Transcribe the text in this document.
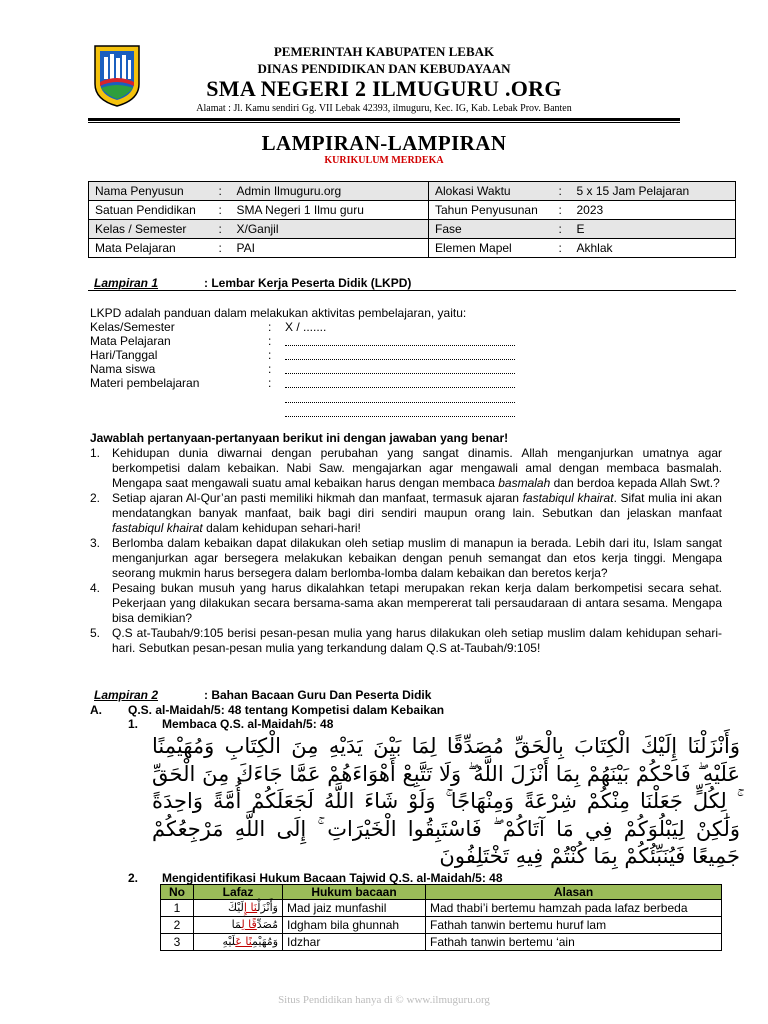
PEMERINTAH KABUPATEN LEBAK
DINAS PENDIDIKAN DAN KEBUDAYAAN
SMA NEGERI 2 ILMUGURU .ORG
Alamat : Jl. Kamu sendiri Gg. VII Lebak 42393, ilmuguru, Kec. IG, Kab. Lebak Prov. Banten
LAMPIRAN-LAMPIRAN
KURIKULUM MERDEKA
Nama Penyusun	:	Admin Ilmuguru.org	Alokasi Waktu	:	5 x 15 Jam Pelajaran
Satuan Pendidikan	:	SMA Negeri 1 Ilmu guru	Tahun Penyusunan	:	2023
Kelas / Semester	:	X/Ganjil	Fase	:	E
Mata Pelajaran	:	PAI	Elemen Mapel	:	Akhlak
Lampiran 1	: Lembar Kerja Peserta Didik (LKPD)
LKPD adalah panduan dalam melakukan aktivitas pembelajaran, yaitu:
Kelas/Semester	: X / .......
Mata Pelajaran	:
Hari/Tanggal	:
Nama siswa	:
Materi pembelajaran	:
Jawablah pertanyaan-pertanyaan berikut ini dengan jawaban yang benar!
1. Kehidupan dunia diwarnai dengan perubahan yang sangat dinamis. Allah menganjurkan umatnya agar berkompetisi dalam kebaikan. Nabi Saw. mengajarkan agar mengawali amal dengan membaca basmalah. Mengapa saat mengawali suatu amal kebaikan harus dengan membaca basmalah dan berdoa kepada Allah Swt.?
2. Setiap ajaran Al-Qur’an pasti memiliki hikmah dan manfaat, termasuk ajaran fastabiqul khairat. Sifat mulia ini akan mendatangkan banyak manfaat, baik bagi diri sendiri maupun orang lain. Sebutkan dan jelaskan manfaat fastabiqul khairat dalam kehidupan sehari-hari!
3. Berlomba dalam kebaikan dapat dilakukan oleh setiap muslim di manapun ia berada. Lebih dari itu, Islam sangat menganjurkan agar bersegera melakukan kebaikan dengan penuh semangat dan etos kerja tinggi. Mengapa seorang mukmin harus bersegera dalam berlomba-lomba dalam kebaikan dan beretos kerja?
4. Pesaing bukan musuh yang harus dikalahkan tetapi merupakan rekan kerja dalam berkompetisi secara sehat. Pekerjaan yang dilakukan secara bersama-sama akan mempererat tali persaudaraan di antara sesama. Mengapa bisa demikian?
5. Q.S at-Taubah/9:105 berisi pesan-pesan mulia yang harus dilakukan oleh setiap muslim dalam kehidupan sehari-hari. Sebutkan pesan-pesan mulia yang terkandung dalam Q.S at-Taubah/9:105!
Lampiran 2	: Bahan Bacaan Guru Dan Peserta Didik
A. Q.S. al-Maidah/5: 48 tentang Kompetisi dalam Kebaikan
1. Membaca Q.S. al-Maidah/5: 48
وَأَنْزَلْنَا إِلَيْكَ الْكِتَابَ بِالْحَقِّ مُصَدِّقًا لِمَا بَيْنَ يَدَيْهِ مِنَ الْكِتَابِ وَمُهَيْمِنًا عَلَيْهِ ۖ فَاحْكُمْ بَيْنَهُمْ بِمَا أَنْزَلَ اللَّهُ ۖ وَلَا تَتَّبِعْ أَهْوَاءَهُمْ عَمَّا جَاءَكَ مِنَ الْحَقِّ ۚ لِكُلٍّ جَعَلْنَا مِنْكُمْ شِرْعَةً وَمِنْهَاجًا ۚ وَلَوْ شَاءَ اللَّهُ لَجَعَلَكُمْ أُمَّةً وَاحِدَةً وَلَٰكِنْ لِيَبْلُوَكُمْ فِي مَا آتَاكُمْ ۖ فَاسْتَبِقُوا الْخَيْرَاتِ ۚ إِلَى اللَّهِ مَرْجِعُكُمْ جَمِيعًا فَيُنَبِّئُكُمْ بِمَا كُنْتُمْ فِيهِ تَخْتَلِفُونَ
2. Mengidentifikasi Hukum Bacaan Tajwid Q.S. al-Maidah/5: 48
No	Lafaz	Hukum bacaan	Alasan
1	وَأَنْزَلْنَا إِلَيْكَ	Mad jaiz munfashil	Mad thabi’i bertemu hamzah pada lafaz berbeda
2	مُصَدِّقًا لِمَا	Idgham bila ghunnah	Fathah tanwin bertemu huruf lam
3	وَمُهَيْمِنًا عَلَيْهِ	Idzhar	Fathah tanwin bertemu ‘ain
Situs Pendidikan hanya di © www.ilmuguru.org
